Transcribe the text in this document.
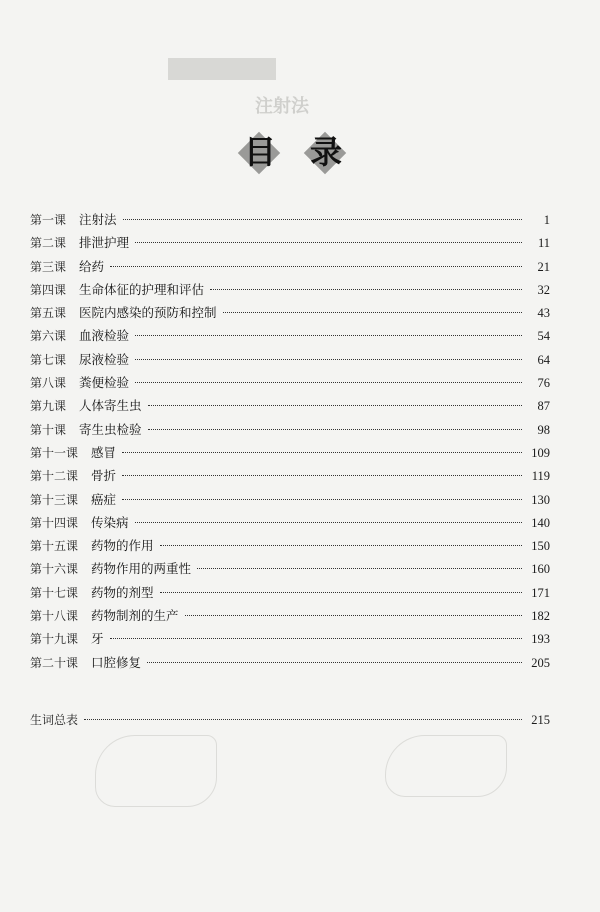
注射法
目 录
第一课 注射法	1
第二课 排泄护理	11
第三课 给药	21
第四课 生命体征的护理和评估	32
第五课 医院内感染的预防和控制	43
第六课 血液检验	54
第七课 尿液检验	64
第八课 粪便检验	76
第九课 人体寄生虫	87
第十课 寄生虫检验	98
第十一课 感冒	109
第十二课 骨折	119
第十三课 癌症	130
第十四课 传染病	140
第十五课 药物的作用	150
第十六课 药物作用的两重性	160
第十七课 药物的剂型	171
第十八课 药物制剂的生产	182
第十九课 牙	193
第二十课 口腔修复	205
生词总表	215
